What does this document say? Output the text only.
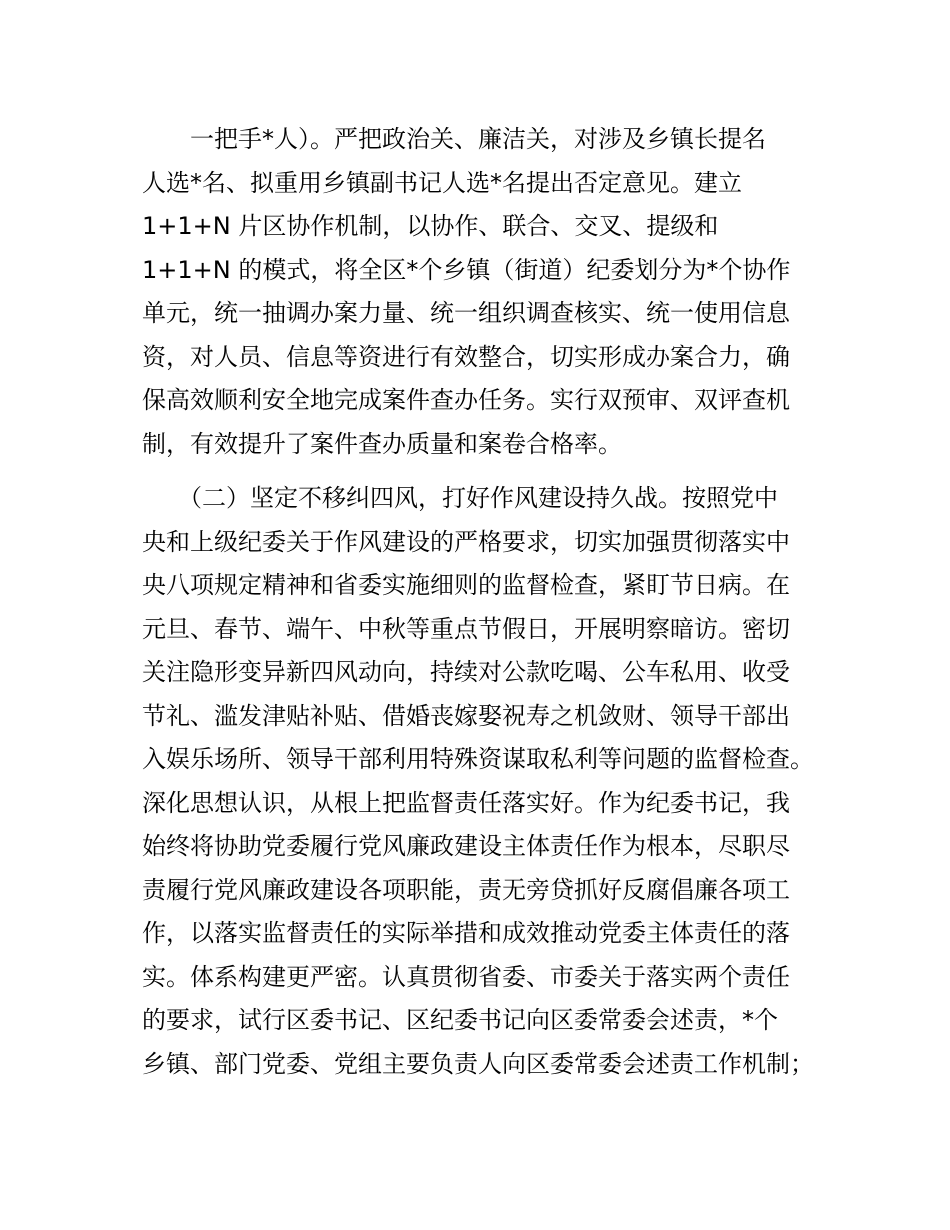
　　一把手*人）。严把政治关、廉洁关，对涉及乡镇长提名
人选*名、拟重用乡镇副书记人选*名提出否定意见。建立
1+1+N 片区协作机制，以协作、联合、交叉、提级和
1+1+N 的模式，将全区*个乡镇（街道）纪委划分为*个协作
单元，统一抽调办案力量、统一组织调查核实、统一使用信息
资，对人员、信息等资进行有效整合，切实形成办案合力，确
保高效顺利安全地完成案件查办任务。实行双预审、双评查机
制，有效提升了案件查办质量和案卷合格率。
　　（二）坚定不移纠四风，打好作风建设持久战。按照党中
央和上级纪委关于作风建设的严格要求，切实加强贯彻落实中
央八项规定精神和省委实施细则的监督检查，紧盯节日病。在
元旦、春节、端午、中秋等重点节假日，开展明察暗访。密切
关注隐形变异新四风动向，持续对公款吃喝、公车私用、收受
节礼、滥发津贴补贴、借婚丧嫁娶祝寿之机敛财、领导干部出
入娱乐场所、领导干部利用特殊资谋取私利等问题的监督检查。
深化思想认识，从根上把监督责任落实好。作为纪委书记，我
始终将协助党委履行党风廉政建设主体责任作为根本，尽职尽
责履行党风廉政建设各项职能，责无旁贷抓好反腐倡廉各项工
作，以落实监督责任的实际举措和成效推动党委主体责任的落
实。体系构建更严密。认真贯彻省委、市委关于落实两个责任
的要求，试行区委书记、区纪委书记向区委常委会述责，*个
乡镇、部门党委、党组主要负责人向区委常委会述责工作机制；
